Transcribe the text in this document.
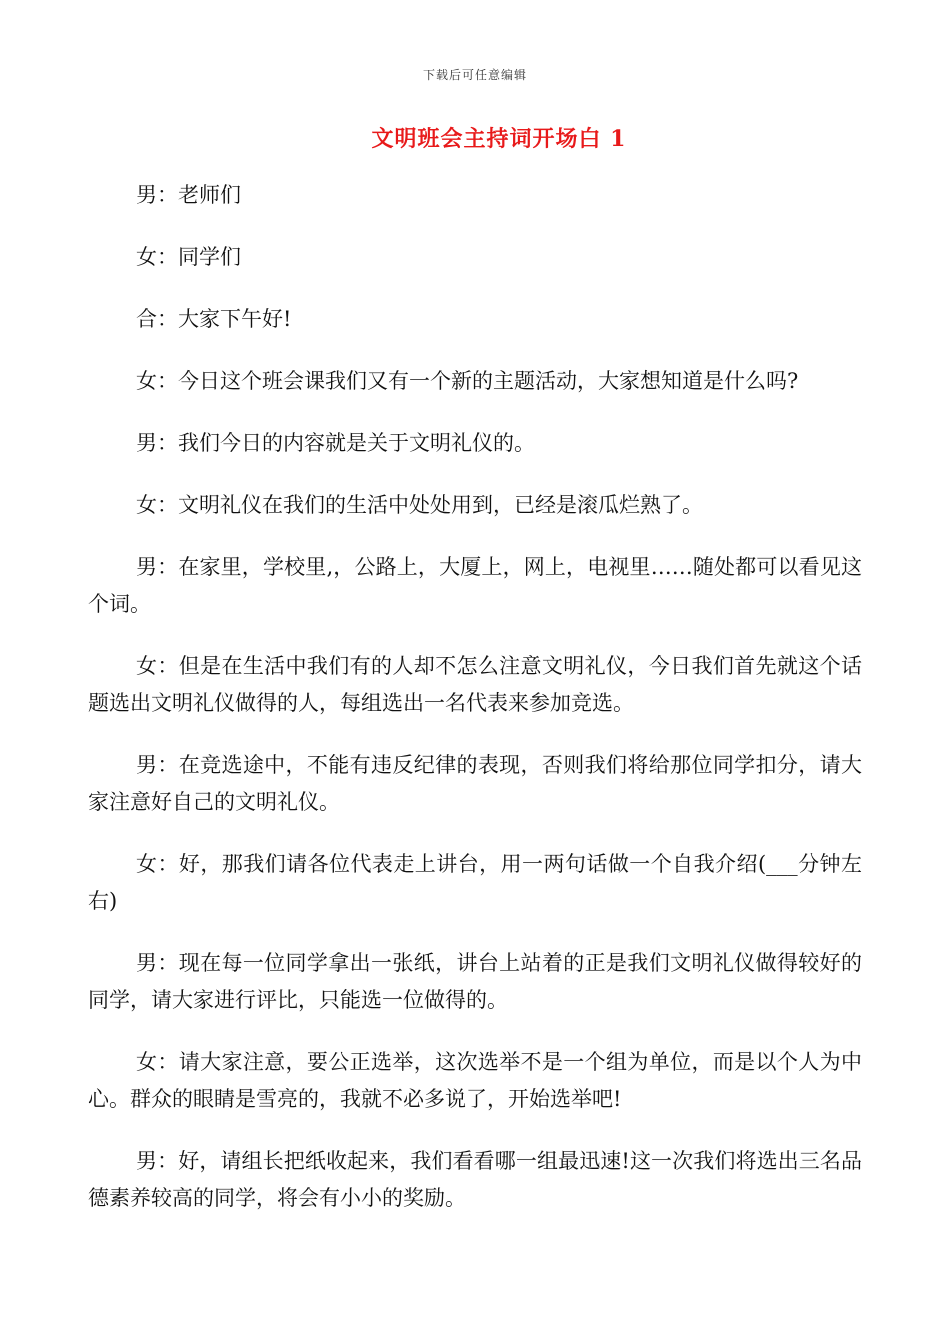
下载后可任意编辑
文明班会主持词开场白 1

男：老师们

女：同学们

合：大家下午好!

女：今日这个班会课我们又有一个新的主题活动，大家想知道是什么吗?

男：我们今日的内容就是关于文明礼仪的。

女：文明礼仪在我们的生活中处处用到，已经是滚瓜烂熟了。

男：在家里，学校里,，公路上，大厦上，网上，电视里……随处都可以看见这个词。

女：但是在生活中我们有的人却不怎么注意文明礼仪，今日我们首先就这个话题选出文明礼仪做得的人，每组选出一名代表来参加竞选。

男：在竞选途中，不能有违反纪律的表现，否则我们将给那位同学扣分，请大家注意好自己的文明礼仪。

女：好，那我们请各位代表走上讲台，用一两句话做一个自我介绍(___分钟左右)

男：现在每一位同学拿出一张纸，讲台上站着的正是我们文明礼仪做得较好的同学，请大家进行评比，只能选一位做得的。

女：请大家注意，要公正选举，这次选举不是一个组为单位，而是以个人为中心。群众的眼睛是雪亮的，我就不必多说了，开始选举吧!

男：好，请组长把纸收起来，我们看看哪一组最迅速!这一次我们将选出三名品德素养较高的同学，将会有小小的奖励。
